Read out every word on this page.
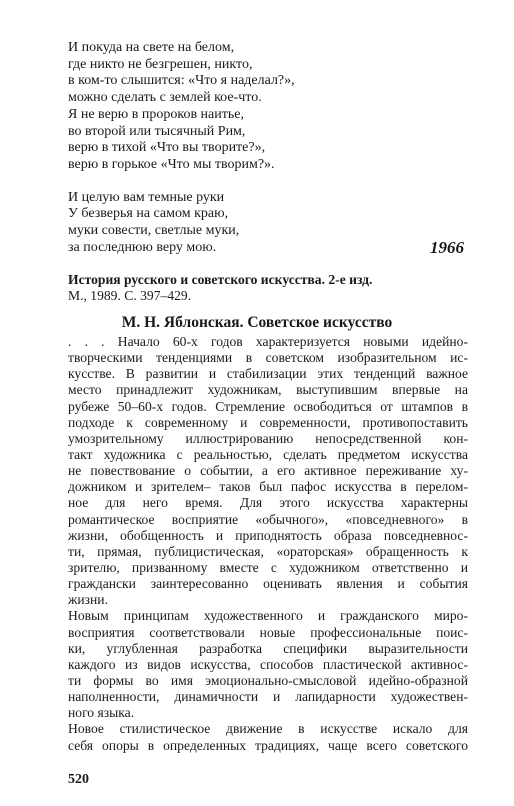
И покуда на свете на белом,
где никто не безгрешен, никто,
в ком-то слышится: «Что я наделал?»,
можно сделать с землей кое-что.
Я не верю в пророков наитье,
во второй или тысячный Рим,
верю в тихой «Что вы творите?»,
верю в горькое «Что мы творим?».
И целую вам темные руки
У безверья на самом краю,
муки совести, светлые муки,
за последнюю веру мою.	1966
История русского и советского искусства. 2-е изд.
М., 1989. С. 397–429.
М. Н. Яблонская. Советское искусство
. . . Начало 60-х годов характеризуется новыми идейно-
творческими тенденциями в советском изобразительном ис-
кусстве. В развитии и стабилизации этих тенденций важное
место принадлежит художникам, выступившим впервые на
рубеже 50–60-х годов. Стремление освободиться от штампов в
подходе к современному и современности, противопоставить
умозрительному иллюстрированию непосредственной кон-
такт художника с реальностью, сделать предметом искусства
не повествование о событии, а его активное переживание ху-
дожником и зрителем– таков был пафос искусства в перелом-
ное для него время. Для этого искусства характерны
романтическое восприятие «обычного», «повседневного» в
жизни, обобщенность и приподнятость образа повседневнос-
ти, прямая, публицистическая, «ораторская» обращенность к
зрителю, призванному вместе с художником ответственно и
граждански заинтересованно оценивать явления и события
жизни.
Новым принципам художественного и гражданского миро-
восприятия соответствовали новые профессиональные поис-
ки, углубленная разработка специфики выразительности
каждого из видов искусства, способов пластической активнос-
ти формы во имя эмоционально-смысловой идейно-образной
наполненности, динамичности и лапидарности художествен-
ного языка.
Новое стилистическое движение в искусстве искало для
себя опоры в определенных традициях, чаще всего советского
520
